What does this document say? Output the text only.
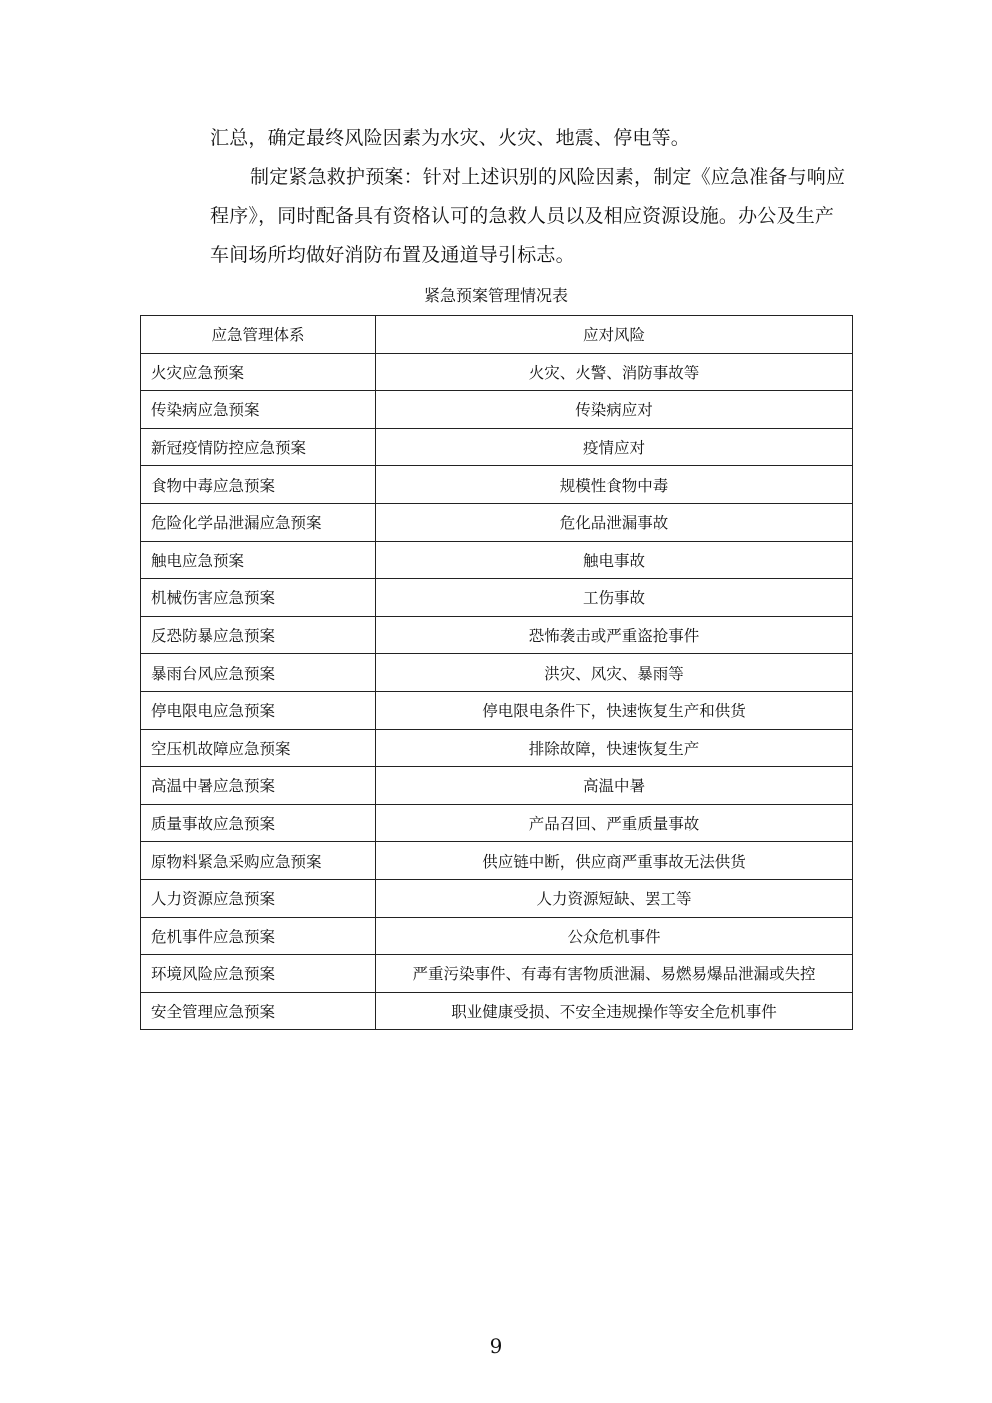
汇总，确定最终风险因素为水灾、火灾、地震、停电等。

制定紧急救护预案：针对上述识别的风险因素，制定《应急准备与响应程序》，同时配备具有资格认可的急救人员以及相应资源设施。办公及生产车间场所均做好消防布置及通道导引标志。

紧急预案管理情况表
应急管理体系	应对风险
火灾应急预案	火灾、火警、消防事故等
传染病应急预案	传染病应对
新冠疫情防控应急预案	疫情应对
食物中毒应急预案	规模性食物中毒
危险化学品泄漏应急预案	危化品泄漏事故
触电应急预案	触电事故
机械伤害应急预案	工伤事故
反恐防暴应急预案	恐怖袭击或严重盗抢事件
暴雨台风应急预案	洪灾、风灾、暴雨等
停电限电应急预案	停电限电条件下，快速恢复生产和供货
空压机故障应急预案	排除故障，快速恢复生产
高温中暑应急预案	高温中暑
质量事故应急预案	产品召回、严重质量事故
原物料紧急采购应急预案	供应链中断，供应商严重事故无法供货
人力资源应急预案	人力资源短缺、罢工等
危机事件应急预案	公众危机事件
环境风险应急预案	严重污染事件、有毒有害物质泄漏、易燃易爆品泄漏或失控
安全管理应急预案	职业健康受损、不安全违规操作等安全危机事件
9
